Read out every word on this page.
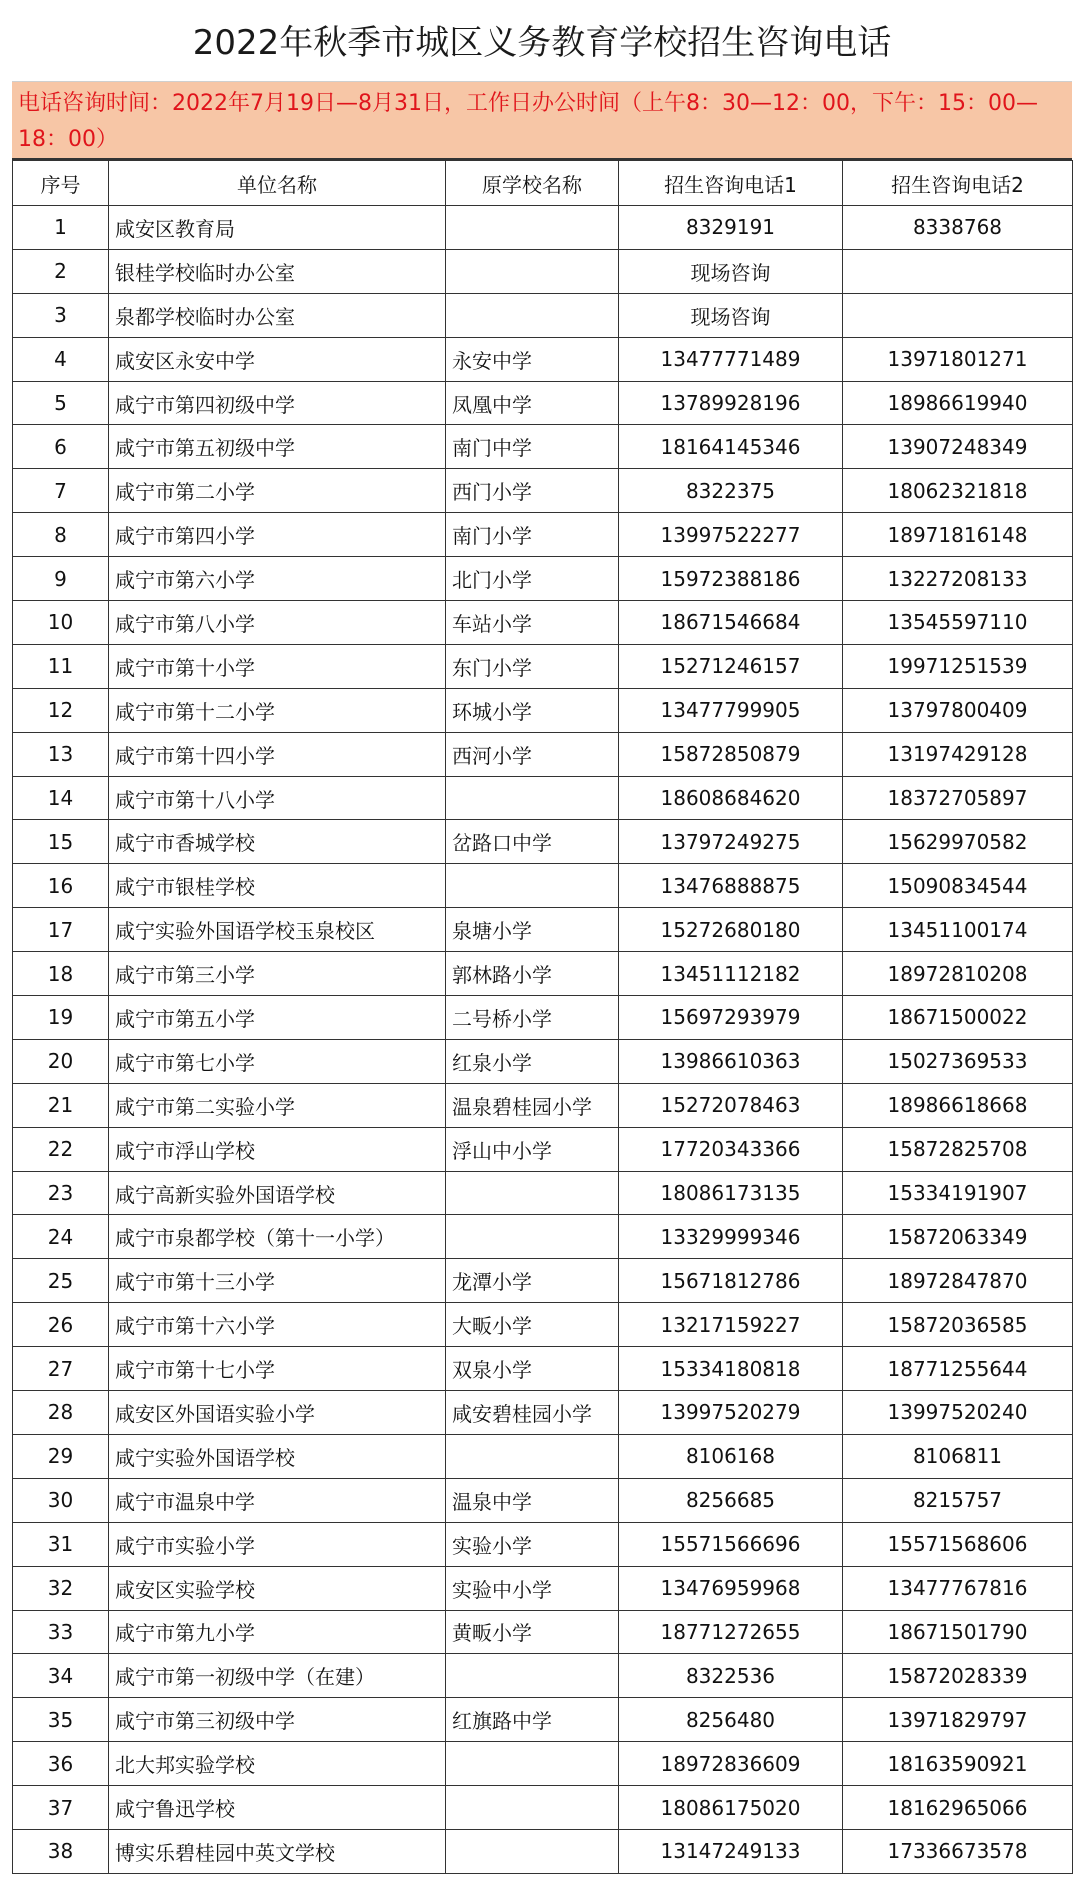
2022年秋季市城区义务教育学校招生咨询电话
电话咨询时间：2022年7月19日—8月31日，工作日办公时间（上午8：30—12：00，下午：15：00—18：00）
序号	单位名称	原学校名称	招生咨询电话1	招生咨询电话2
1	咸安区教育局		8329191	8338768
2	银桂学校临时办公室		现场咨询	
3	泉都学校临时办公室		现场咨询	
4	咸安区永安中学	永安中学	13477771489	13971801271
5	咸宁市第四初级中学	凤凰中学	13789928196	18986619940
6	咸宁市第五初级中学	南门中学	18164145346	13907248349
7	咸宁市第二小学	西门小学	8322375	18062321818
8	咸宁市第四小学	南门小学	13997522277	18971816148
9	咸宁市第六小学	北门小学	15972388186	13227208133
10	咸宁市第八小学	车站小学	18671546684	13545597110
11	咸宁市第十小学	东门小学	15271246157	19971251539
12	咸宁市第十二小学	环城小学	13477799905	13797800409
13	咸宁市第十四小学	西河小学	15872850879	13197429128
14	咸宁市第十八小学		18608684620	18372705897
15	咸宁市香城学校	岔路口中学	13797249275	15629970582
16	咸宁市银桂学校		13476888875	15090834544
17	咸宁实验外国语学校玉泉校区	泉塘小学	15272680180	13451100174
18	咸宁市第三小学	郭林路小学	13451112182	18972810208
19	咸宁市第五小学	二号桥小学	15697293979	18671500022
20	咸宁市第七小学	红泉小学	13986610363	15027369533
21	咸宁市第二实验小学	温泉碧桂园小学	15272078463	18986618668
22	咸宁市浮山学校	浮山中小学	17720343366	15872825708
23	咸宁高新实验外国语学校		18086173135	15334191907
24	咸宁市泉都学校（第十一小学）		13329999346	15872063349
25	咸宁市第十三小学	龙潭小学	15671812786	18972847870
26	咸宁市第十六小学	大畈小学	13217159227	15872036585
27	咸宁市第十七小学	双泉小学	15334180818	18771255644
28	咸安区外国语实验小学	咸安碧桂园小学	13997520279	13997520240
29	咸宁实验外国语学校		8106168	8106811
30	咸宁市温泉中学	温泉中学	8256685	8215757
31	咸宁市实验小学	实验小学	15571566696	15571568606
32	咸安区实验学校	实验中小学	13476959968	13477767816
33	咸宁市第九小学	黄畈小学	18771272655	18671501790
34	咸宁市第一初级中学（在建）		8322536	15872028339
35	咸宁市第三初级中学	红旗路中学	8256480	13971829797
36	北大邦实验学校		18972836609	18163590921
37	咸宁鲁迅学校		18086175020	18162965066
38	博实乐碧桂园中英文学校		13147249133	17336673578
